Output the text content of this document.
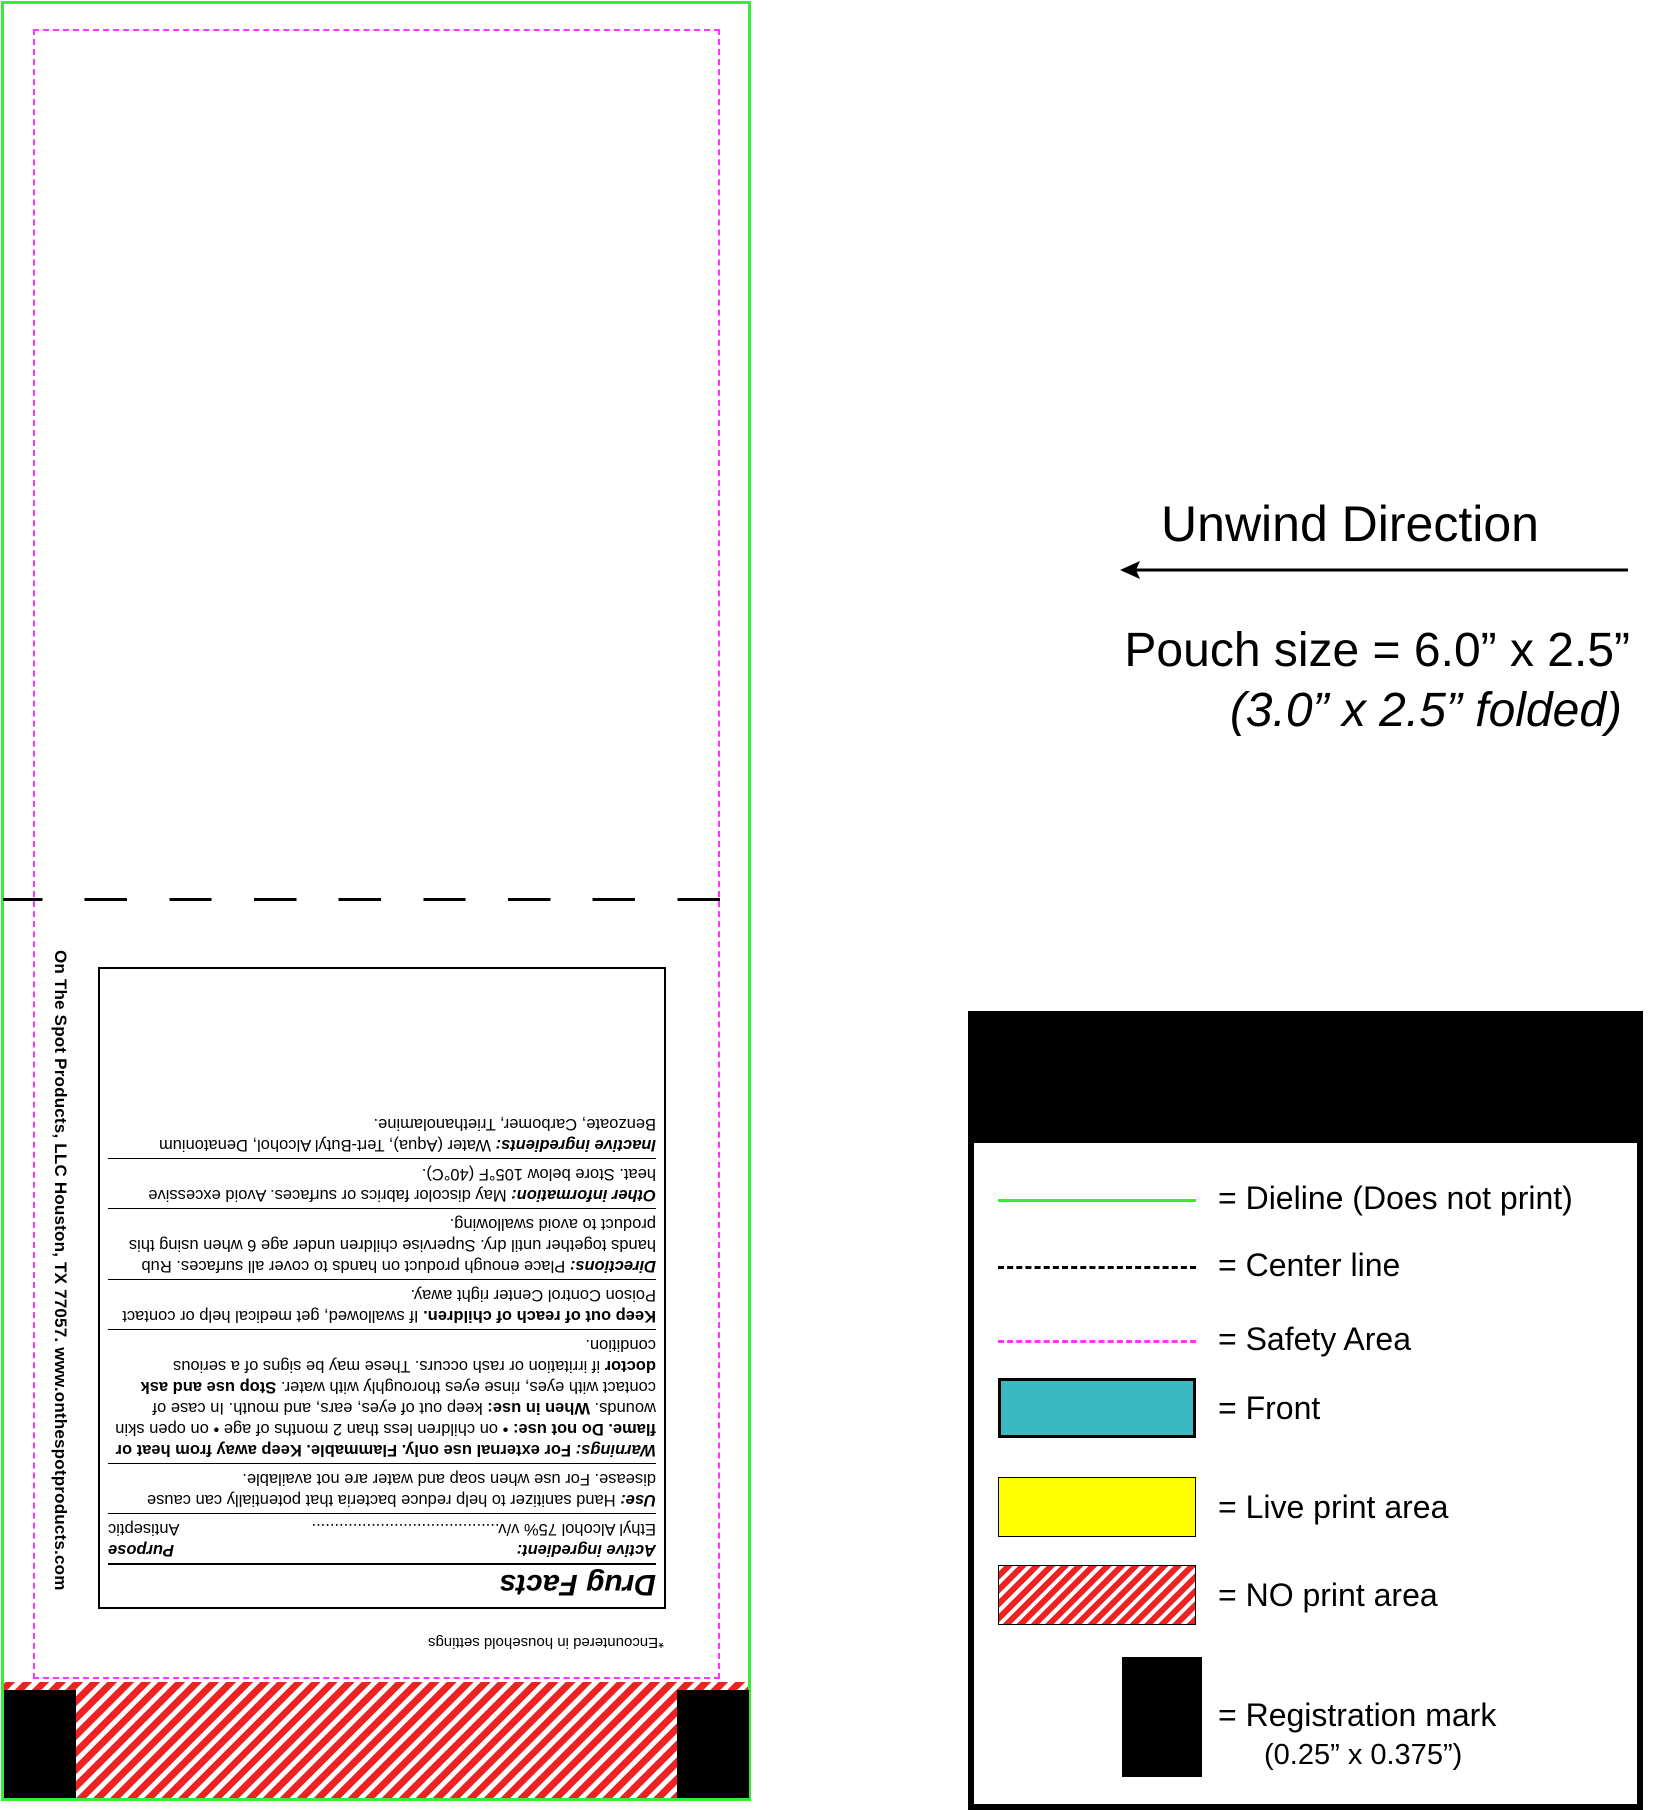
On The Spot Products, LLC Houston, TX 77057. www.onthespotproducts.com	Drug Facts
Active ingredient:
Purpose
Ethyl Alcohol 75% v/v.........................................
Antiseptic
Use: Hand sanitizer to help reduce bacteria that potentially can cause disease. For use when soap and water are not available.
Warnings: For external use only. Flammable. Keep away from heat or flame. Do not use: • on children less than 2 months of age • on open skin wounds. When in use: keep out of eyes, ears, and mouth. In case of contact with eyes, rinse eyes thoroughly with water. Stop use and ask doctor if irritation or rash occurs. These may be signs of a serious condition.
Keep out of reach of children. If swallowed, get medical help or contact Poison Control Center right away.
Directions: Place enough product on hands to cover all surfaces. Rub hands together until dry. Supervise children under age 6 when using this product to avoid swallowing.
Other information: May discolor fabrics or surfaces. Avoid excessive heat. Store below 105°F (40°C).
Inactive ingredients: Water (Aqua), Tert-Butyl Alcohol, Denatonium Benzoate, Carbomer, Triethanolamine.
*Encountered in household settings
Unwind Direction
Pouch size = 6.0” x 2.5”
(3.0” x 2.5” folded)
= Dieline (Does not print)
= Center line
= Safety Area
= Front
= Live print area
= NO print area
= Registration mark
(0.25” x 0.375”)
